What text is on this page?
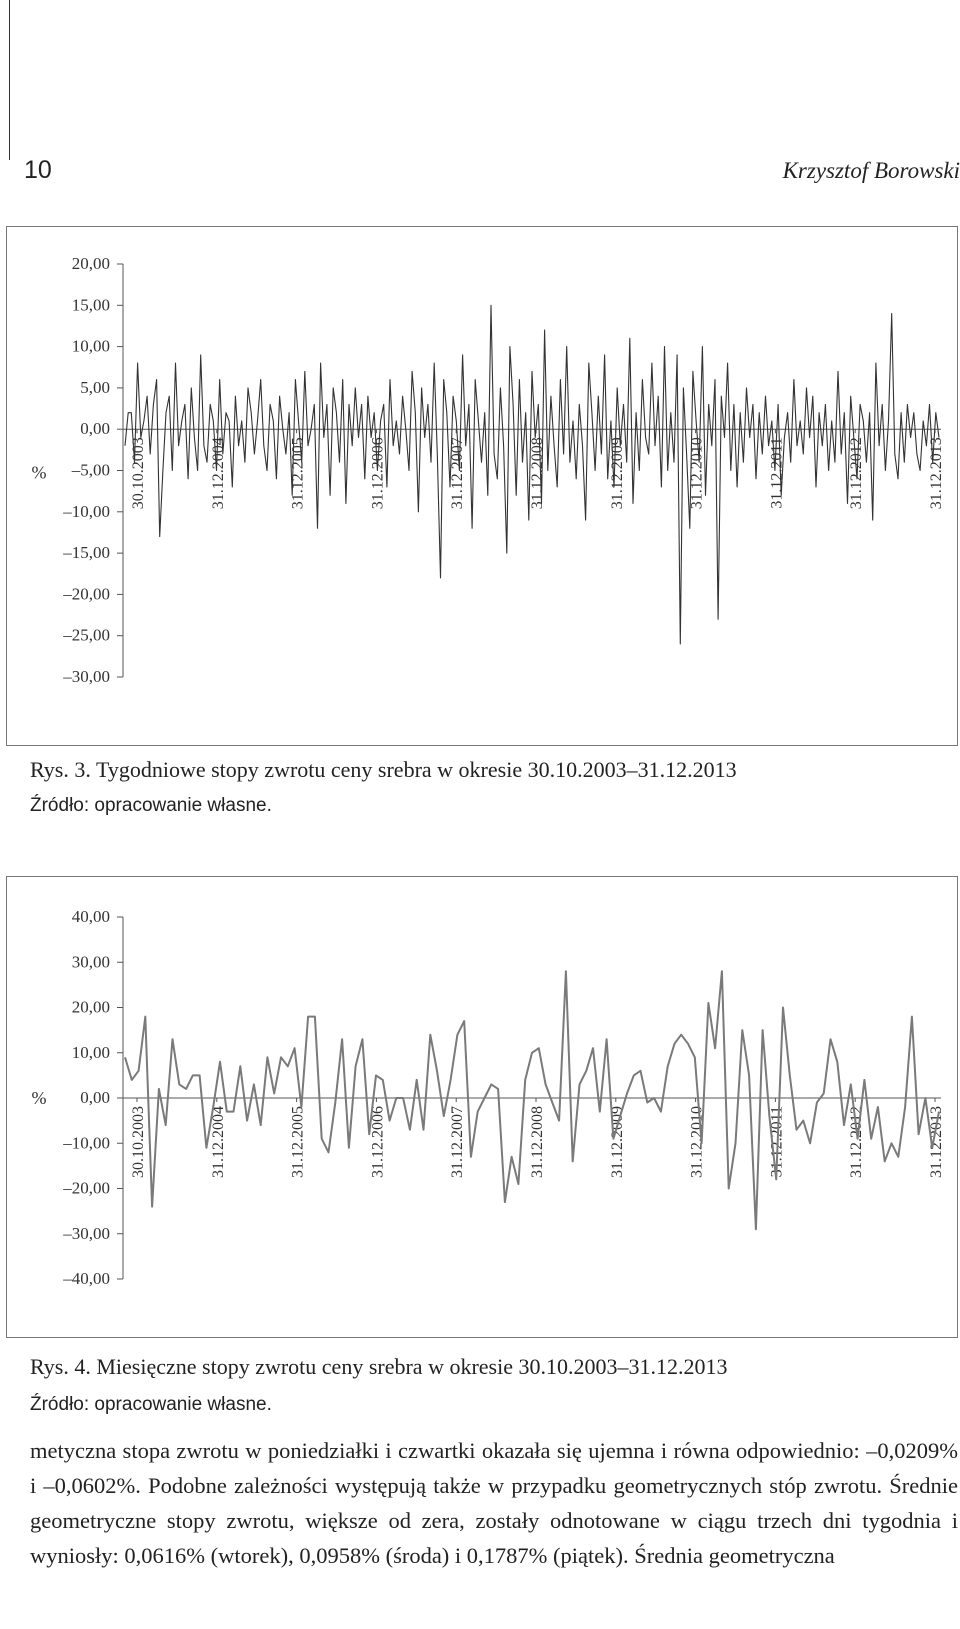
10	Krzysztof Borowski
20,00
15,00
10,00
5,00
0,00
–5,00
–10,00
–15,00
–20,00
–25,00
–30,00
%	30.10.2003	31.12.2004	31.12.2005	31.12.2006	31.12.2007	31.12.2008	31.12.2009	31.12.2010	31.12.2011	31.12.2012	31.12.2013
Rys. 3. Tygodniowe stopy zwrotu ceny srebra w okresie 30.10.2003–31.12.2013
Źródło: opracowanie własne.
40,00
30,00
20,00
10,00
0,00
–10,00
–20,00
–30,00
–40,00
%
30.10.2003	31.12.2004	31.12.2005	31.12.2006	31.12.2007	31.12.2008	31.12.2009	31.12.2010	31.12.2011	31.12.2012	31.12.2013
Rys. 4. Miesięczne stopy zwrotu ceny srebra w okresie 30.10.2003–31.12.2013
Źródło: opracowanie własne.

metyczna stopa zwrotu w poniedziałki i czwartki okazała się ujemna i równa odpowiednio: –0,0209% i –0,0602%. Podobne zależności występują także w przypadku geometrycznych stóp zwrotu. Średnie geometryczne stopy zwrotu, większe od zera, zostały odnotowane w ciągu trzech dni tygodnia i wyniosły: 0,0616% (wtorek), 0,0958% (środa) i 0,1787% (piątek). Średnia geometryczna
